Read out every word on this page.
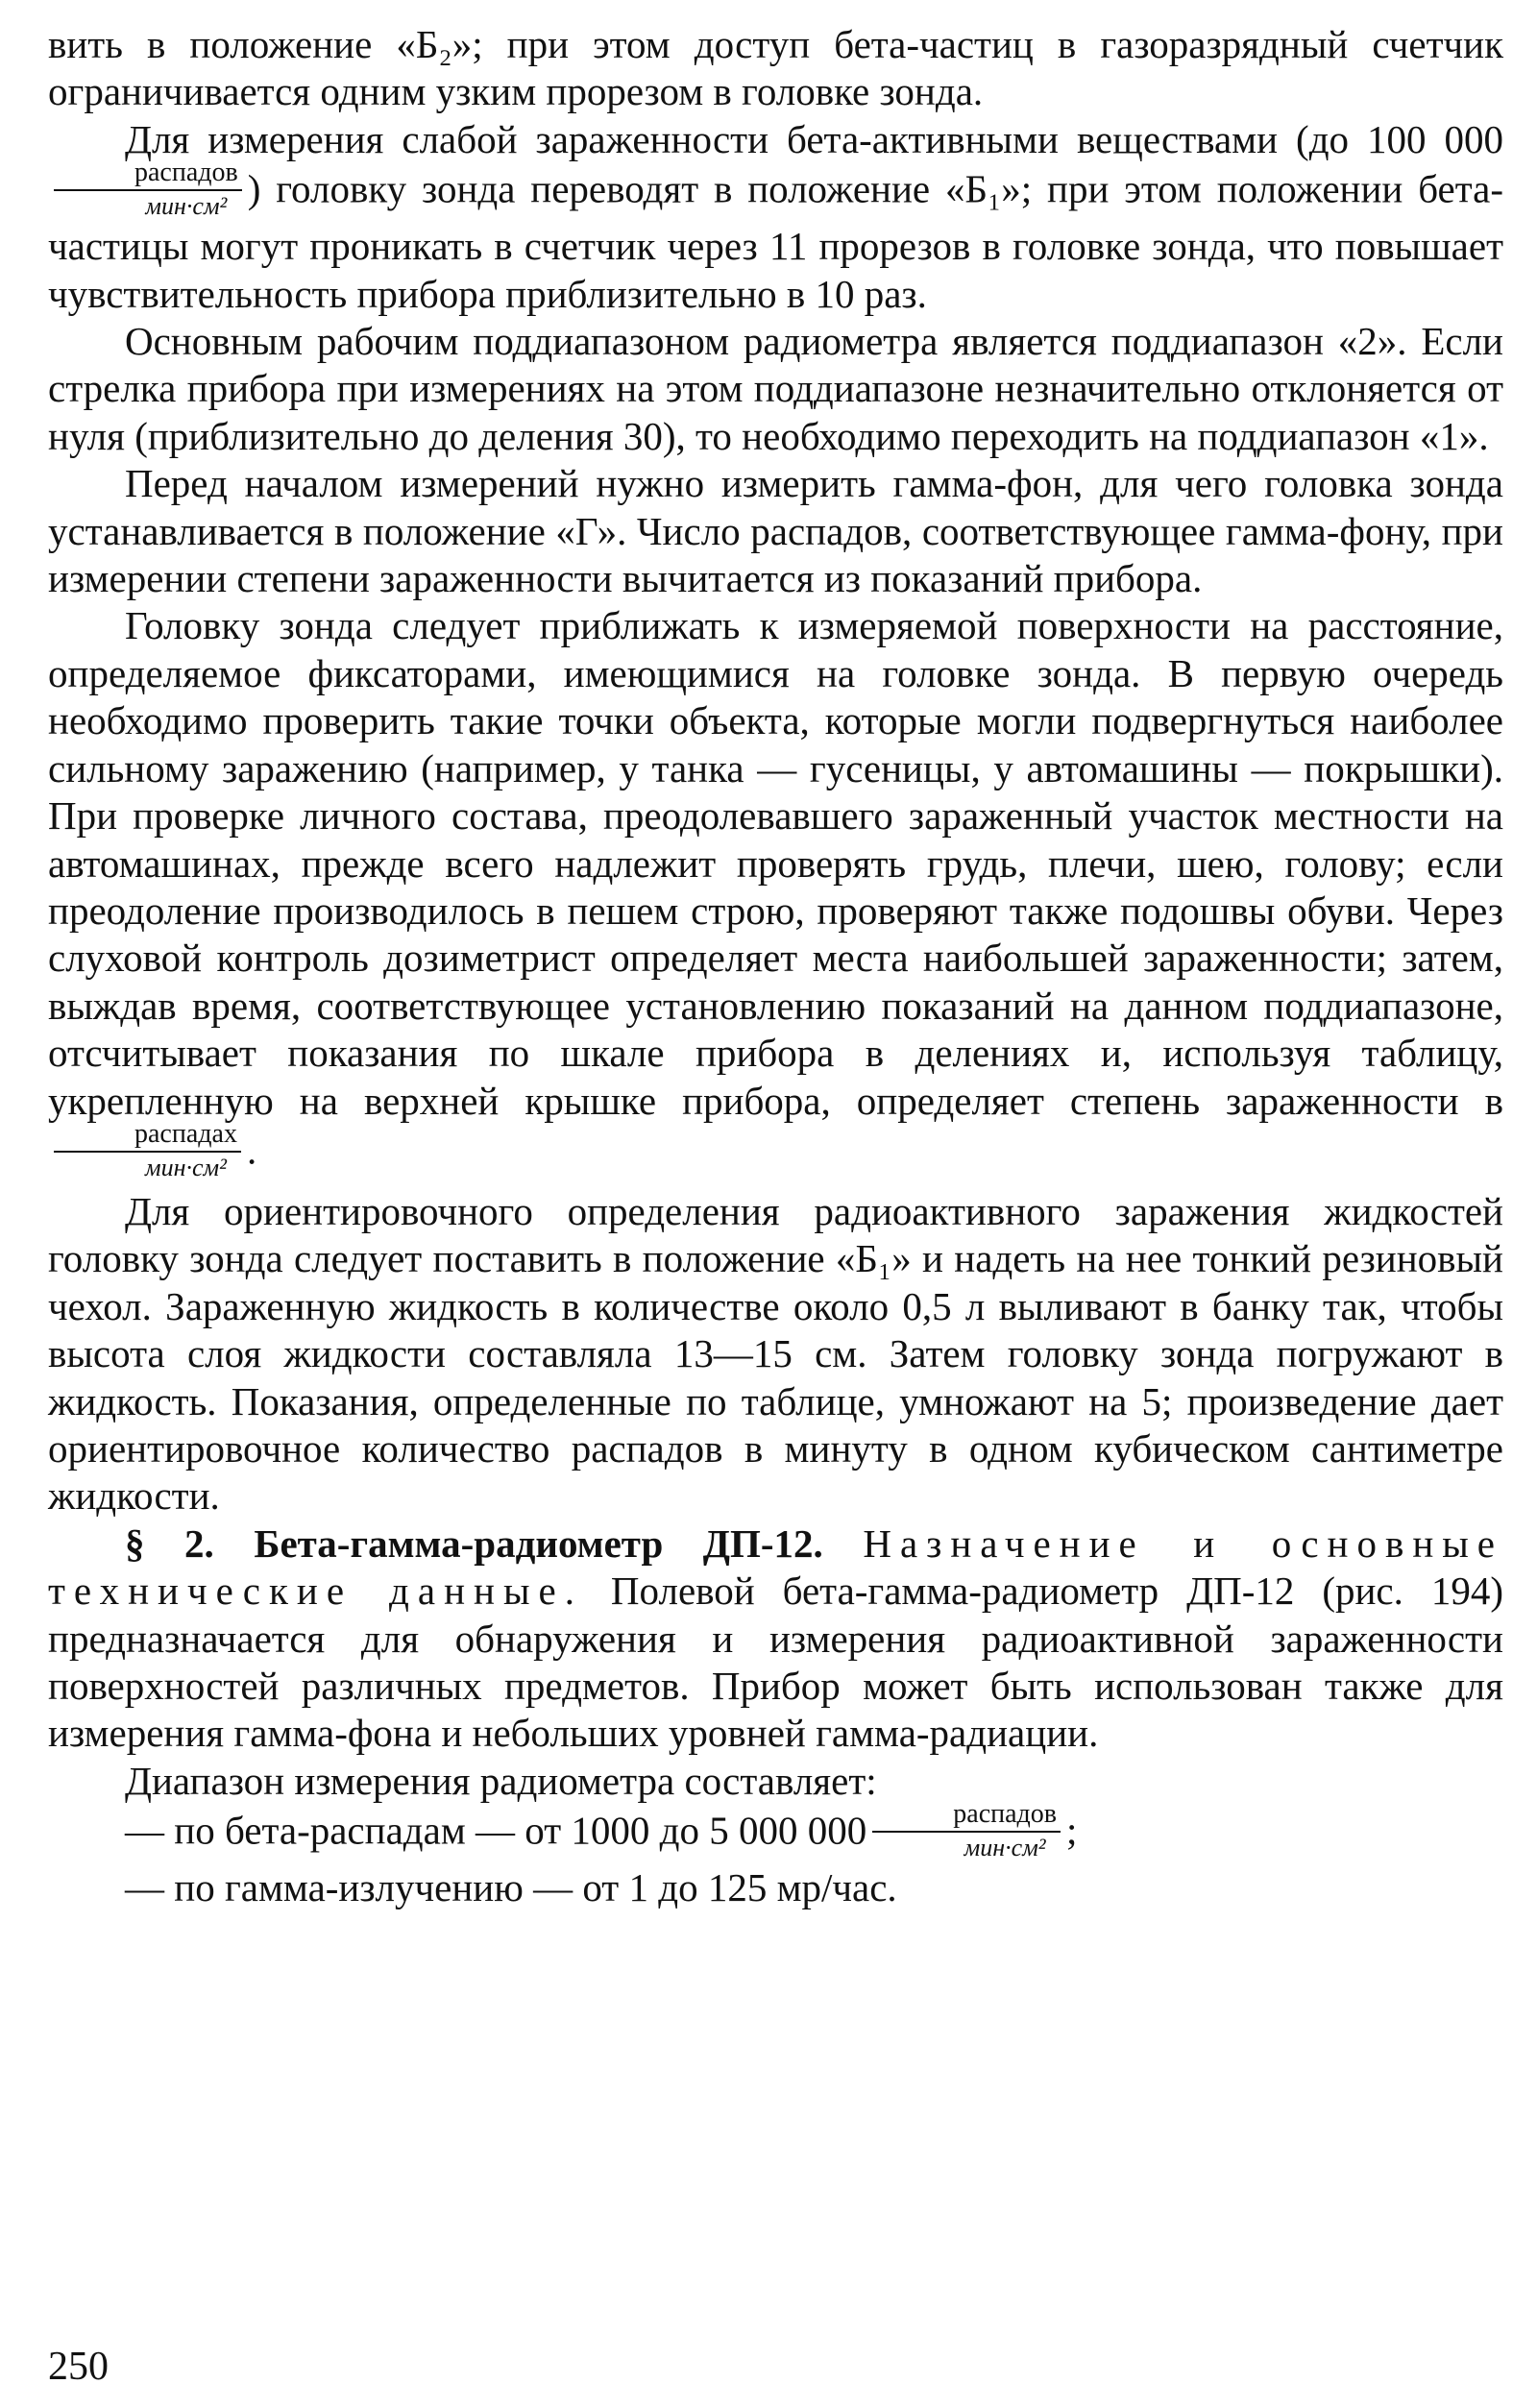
вить в положение «Б₂»; при этом доступ бета-частиц в газоразрядный счетчик ограничивается одним узким прорезом в головке зонда.

Для измерения слабой зараженности бета-активными веществами (до 100 000
$\frac{\text{распадов}}{\text{мин·см²}}$ ) головку зонда переводят в положение «Б₁»; при этом положении бета-частицы могут проникать в счетчик через 11 прорезов в головке зонда, что повышает чувствительность прибора приблизительно в 10 раз.

Основным рабочим поддиапазоном радиометра является поддиапазон «2». Если стрелка прибора при измерениях на этом поддиапазоне незначительно отклоняется от нуля (приблизительно до деления 30), то необходимо переходить на поддиапазон «1».

Перед началом измерений нужно измерить гамма-фон, для чего головка зонда устанавливается в положение «Г». Число распадов, соответствующее гамма-фону, при измерении степени зараженности вычитается из показаний прибора.

Головку зонда следует приближать к измеряемой поверхности на расстояние, определяемое фиксаторами, имеющимися на головке зонда. В первую очередь необходимо проверить такие точки объекта, которые могли подвергнуться наиболее сильному заражению (например, у танка — гусеницы, у автомашины — покрышки). При проверке личного состава, преодолевавшего зараженный участок местности на автомашинах, прежде всего надлежит проверять грудь, плечи, шею, голову; если преодоление производилось в пешем строю, проверяют также подошвы обуви. Через слуховой контроль дозиметрист определяет места наибольшей зараженности; затем, выждав время, соответствующее установлению показаний на данном поддиапазоне, отсчитывает показания по шкале прибора в делениях и, используя таблицу, укрепленную на верхней крышке прибора, определяет степень зараженности в
$\frac{\text{распадах}}{\text{мин·см²}}$ .

Для ориентировочного определения радиоактивного заражения жидкостей головку зонда следует поставить в положение «Б₁» и надеть на нее тонкий резиновый чехол. Зараженную жидкость в количестве около 0,5 л выливают в банку так, чтобы высота слоя жидкости составляла 13—15 см. Затем головку зонда погружают в жидкость. Показания, определенные по таблице, умножают на 5; произведение дает ориентировочное количество распадов в минуту в одном кубическом сантиметре жидкости.

§ 2. Бета-гамма-радиометр ДП-12. Назначение и основные технические данные. Полевой бета-гамма-радиометр ДП-12 (рис. 194) предназначается для обнаружения и измерения радиоактивной зараженности поверхностей различных предметов. Прибор может быть использован также для измерения гамма-фона и небольших уровней гамма-радиации.

Диапазон измерения радиометра составляет:

— по бета-распадам — от 1000 до 5 000 $000 \frac{\text{распадов}}{\text{мин·см²}}$ ;

— по гамма-излучению — от 1 до 125 мр/час.

250
